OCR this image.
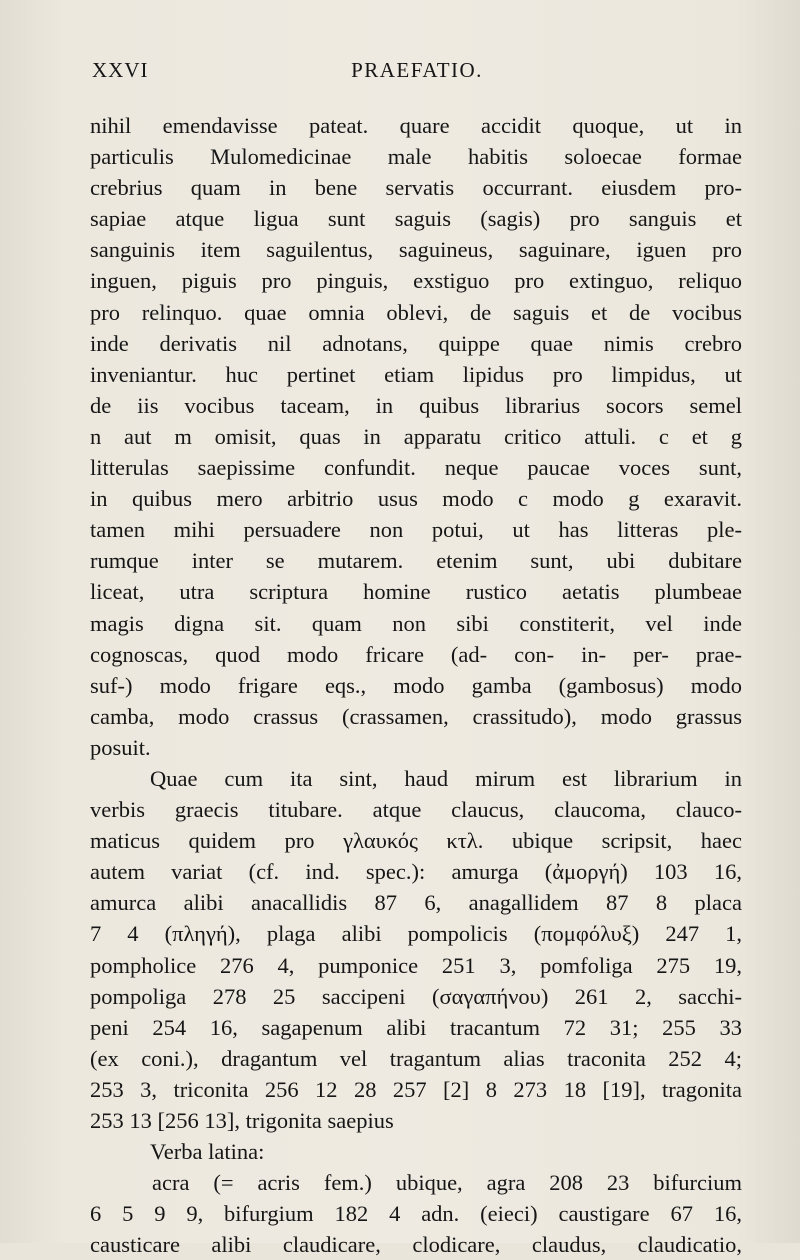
XXVI	PRAEFATIO.
nihil emendavisse pateat. quare accidit quoque, ut in
particulis Mulomedicinae male habitis soloecae formae
crebrius quam in bene servatis occurrant. eiusdem pro-
sapiae atque ligua sunt saguis (sagis) pro sanguis et
sanguinis item saguilentus, saguineus, saguinare, iguen pro
inguen, piguis pro pinguis, exstiguo pro extinguo, reliquo
pro relinquo. quae omnia oblevi, de saguis et de vocibus
inde derivatis nil adnotans, quippe quae nimis crebro
inveniantur. huc pertinet etiam lipidus pro limpidus, ut
de iis vocibus taceam, in quibus librarius socors semel
n aut m omisit, quas in apparatu critico attuli. c et g
litterulas saepissime confundit. neque paucae voces sunt,
in quibus mero arbitrio usus modo c modo g exaravit.
tamen mihi persuadere non potui, ut has litteras ple-
rumque inter se mutarem. etenim sunt, ubi dubitare
liceat, utra scriptura homine rustico aetatis plumbeae
magis digna sit. quam non sibi constiterit, vel inde
cognoscas, quod modo fricare (ad- con- in- per- prae-
suf-) modo frigare eqs., modo gamba (gambosus) modo
camba, modo crassus (crassamen, crassitudo), modo grassus
posuit.
Quae cum ita sint, haud mirum est librarium in
verbis graecis titubare. atque claucus, claucoma, clauco-
maticus quidem pro γλαυκός κτλ. ubique scripsit, haec
autem variat (cf. ind. spec.): amurga (ἀμοργή) 103 16,
amurca alibi anacallidis 87 6, anagallidem 87 8 placa
7 4 (πληγή), plaga alibi pompolicis (πομφόλυξ) 247 1,
pompholice 276 4, pumponice 251 3, pomfoliga 275 19,
pompoliga 278 25 saccipeni (σαγαπήνου) 261 2, sacchi-
peni 254 16, sagapenum alibi tracantum 72 31; 255 33
(ex coni.), dragantum vel tragantum alias traconita 252 4;
253 3, triconita 256 12 28 257 [2] 8 273 18 [19], tragonita
253 13 [256 13], trigonita saepius
Verba latina:
acra (= acris fem.) ubique, agra 208 23 bifurcium
6 5 9 9, bifurgium 182 4 adn. (eieci) caustigare 67 16,
causticare alibi claudicare, clodicare, claudus, claudicatio,
